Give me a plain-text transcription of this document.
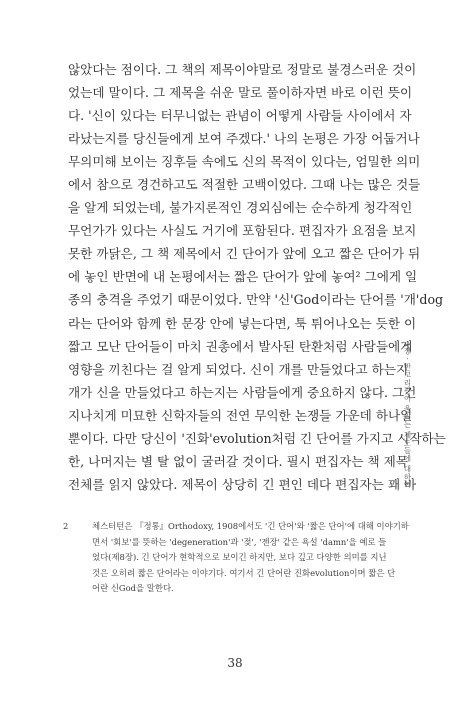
않았다는 점이다. 그 책의 제목이야말로 정말로 불경스러운 것이
었는데 말이다. 그 제목을 쉬운 말로 풀이하자면 바로 이런 뜻이
다. '신이 있다는 터무니없는 관념이 어떻게 사람들 사이에서 자
라났는지를 당신들에게 보여 주겠다.' 나의 논평은 가장 어둡거나
무의미해 보이는 징후들 속에도 신의 목적이 있다는, 엄밀한 의미
에서 참으로 경건하고도 적절한 고백이었다. 그때 나는 많은 것들
을 알게 되었는데, 불가지론적인 경외심에는 순수하게 청각적인
무언가가 있다는 사실도 거기에 포함된다. 편집자가 요점을 보지
못한 까닭은, 그 책 제목에서 긴 단어가 앞에 오고 짧은 단어가 뒤
에 놓인 반면에 내 논평에서는 짧은 단어가 앞에 놓여² 그에게 일
종의 충격을 주었기 때문이었다. 만약 '신'God이라는 단어를 '개'dog
라는 단어와 함께 한 문장 안에 넣는다면, 툭 튀어나오는 듯한 이
짧고 모난 단어들이 마치 권총에서 발사된 탄환처럼 사람들에게
영향을 끼친다는 걸 알게 되었다. 신이 개를 만들었다고 하는지
개가 신을 만들었다고 하는지는 사람들에게 중요하지 않다. 그건
지나치게 미묘한 신학자들의 전연 무익한 논쟁들 가운데 하나일
뿐이다. 다만 당신이 '진화'evolution처럼 긴 단어를 가지고 시작하는
한, 나머지는 별 탈 없이 굴러갈 것이다. 필시 편집자는 책 제목
전체를 읽지 않았다. 제목이 상당히 긴 편인 데다 편집자는 꽤 바
1장 · 반고리관이 울리는 제도들에 대하여
2	체스터턴은 『정통』Orthodoxy, 1908에서도 '긴 단어'와 '짧은 단어'에 대해 이야기하
면서 '회보'를 뜻하는 'degeneration'과 '젖', '젠장' 같은 욕설 'damn'을 예로 들
었다(제8장). 긴 단어가 현학적으로 보이긴 하지만, 보다 깊고 다양한 의미를 지닌
것은 오히려 짧은 단어라는 이야기다. 여기서 긴 단어란 진화evolution이며 짧은 단
어란 신God을 말한다.
38
